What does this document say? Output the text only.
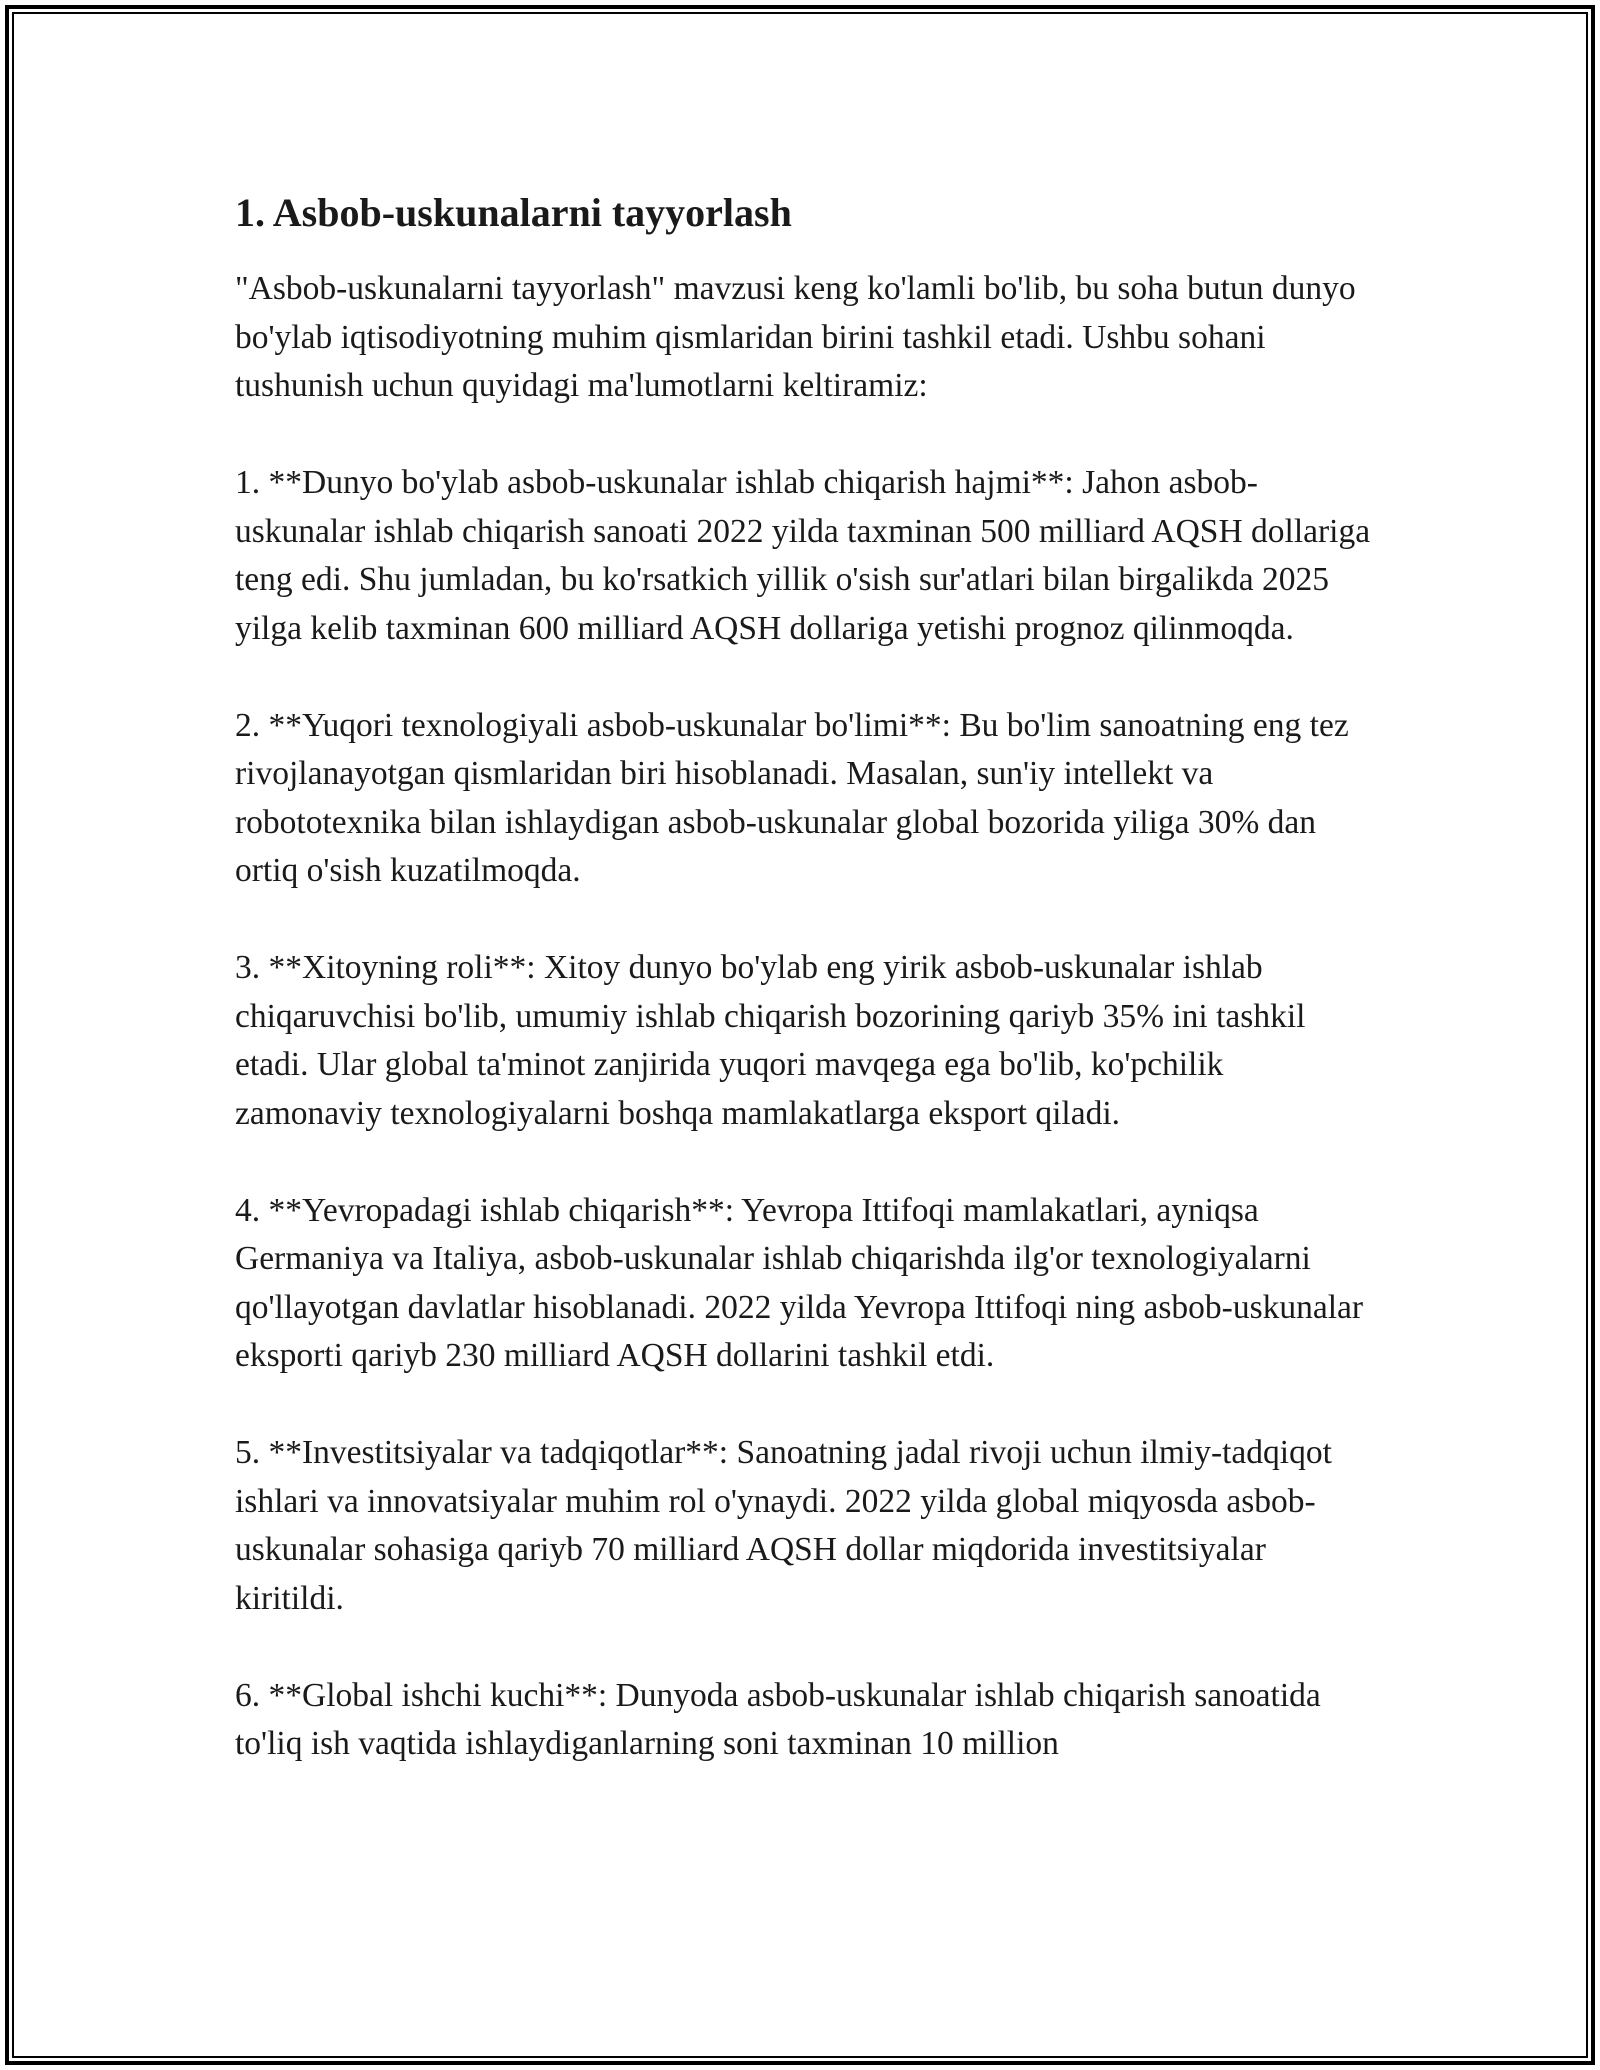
1. Asbob-uskunalarni tayyorlash

"Asbob-uskunalarni tayyorlash" mavzusi keng ko'lamli bo'lib, bu soha butun dunyo bo'ylab iqtisodiyotning muhim qismlaridan birini tashkil etadi. Ushbu sohani tushunish uchun quyidagi ma'lumotlarni keltiramiz:

1. **Dunyo bo'ylab asbob-uskunalar ishlab chiqarish hajmi**: Jahon asbob-uskunalar ishlab chiqarish sanoati 2022 yilda taxminan 500 milliard AQSH dollariga teng edi. Shu jumladan, bu ko'rsatkich yillik o'sish sur'atlari bilan birgalikda 2025 yilga kelib taxminan 600 milliard AQSH dollariga yetishi prognoz qilinmoqda.

2. **Yuqori texnologiyali asbob-uskunalar bo'limi**: Bu bo'lim sanoatning eng tez rivojlanayotgan qismlaridan biri hisoblanadi. Masalan, sun'iy intellekt va robototexnika bilan ishlaydigan asbob-uskunalar global bozorida yiliga 30% dan ortiq o'sish kuzatilmoqda.

3. **Xitoyning roli**: Xitoy dunyo bo'ylab eng yirik asbob-uskunalar ishlab chiqaruvchisi bo'lib, umumiy ishlab chiqarish bozorining qariyb 35% ini tashkil etadi. Ular global ta'minot zanjirida yuqori mavqega ega bo'lib, ko'pchilik zamonaviy texnologiyalarni boshqa mamlakatlarga eksport qiladi.

4. **Yevropadagi ishlab chiqarish**: Yevropa Ittifoqi mamlakatlari, ayniqsa Germaniya va Italiya, asbob-uskunalar ishlab chiqarishda ilg'or texnologiyalarni qo'llayotgan davlatlar hisoblanadi. 2022 yilda Yevropa Ittifoqi ning asbob-uskunalar eksporti qariyb 230 milliard AQSH dollarini tashkil etdi.

5. **Investitsiyalar va tadqiqotlar**: Sanoatning jadal rivoji uchun ilmiy-tadqiqot ishlari va innovatsiyalar muhim rol o'ynaydi. 2022 yilda global miqyosda asbob-uskunalar sohasiga qariyb 70 milliard AQSH dollar miqdorida investitsiyalar kiritildi.

6. **Global ishchi kuchi**: Dunyoda asbob-uskunalar ishlab chiqarish sanoatida to'liq ish vaqtida ishlaydiganlarning soni taxminan 10 million
